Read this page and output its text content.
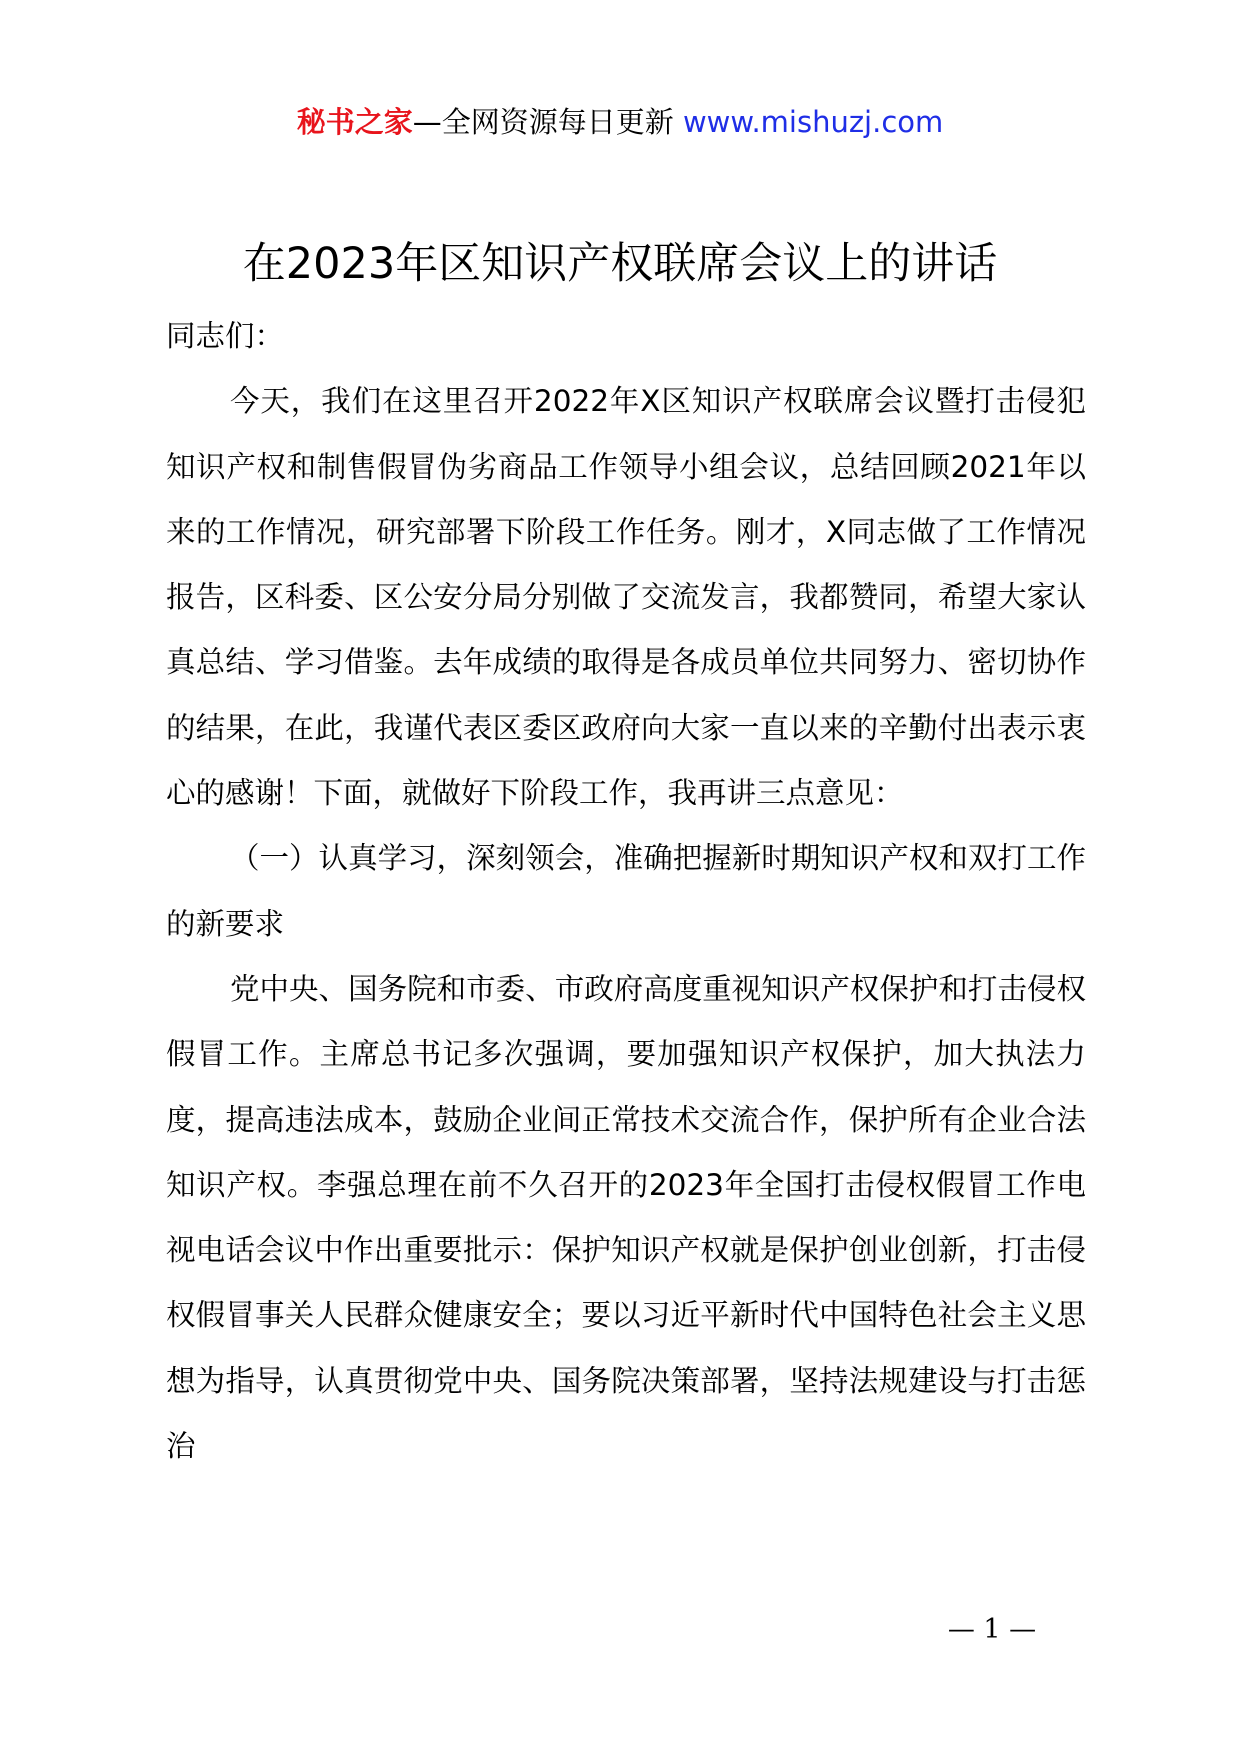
秘书之家—全网资源每日更新 www.mishuzj.com
在2023年区知识产权联席会议上的讲话

同志们：

今天，我们在这里召开2022年X区知识产权联席会议暨打击侵犯知识产权和制售假冒伪劣商品工作领导小组会议，总结回顾2021年以来的工作情况，研究部署下阶段工作任务。刚才，X同志做了工作情况报告，区科委、区公安分局分别做了交流发言，我都赞同，希望大家认真总结、学习借鉴。去年成绩的取得是各成员单位共同努力、密切协作的结果，在此，我谨代表区委区政府向大家一直以来的辛勤付出表示衷心的感谢！下面，就做好下阶段工作，我再讲三点意见：

（一）认真学习，深刻领会，准确把握新时期知识产权和双打工作的新要求

党中央、国务院和市委、市政府高度重视知识产权保护和打击侵权假冒工作。主席总书记多次强调，要加强知识产权保护，加大执法力度，提高违法成本，鼓励企业间正常技术交流合作，保护所有企业合法知识产权。李强总理在前不久召开的2023年全国打击侵权假冒工作电视电话会议中作出重要批示：保护知识产权就是保护创业创新，打击侵权假冒事关人民群众健康安全；要以习近平新时代中国特色社会主义思想为指导，认真贯彻党中央、国务院决策部署，坚持法规建设与打击惩治

— 1 —
